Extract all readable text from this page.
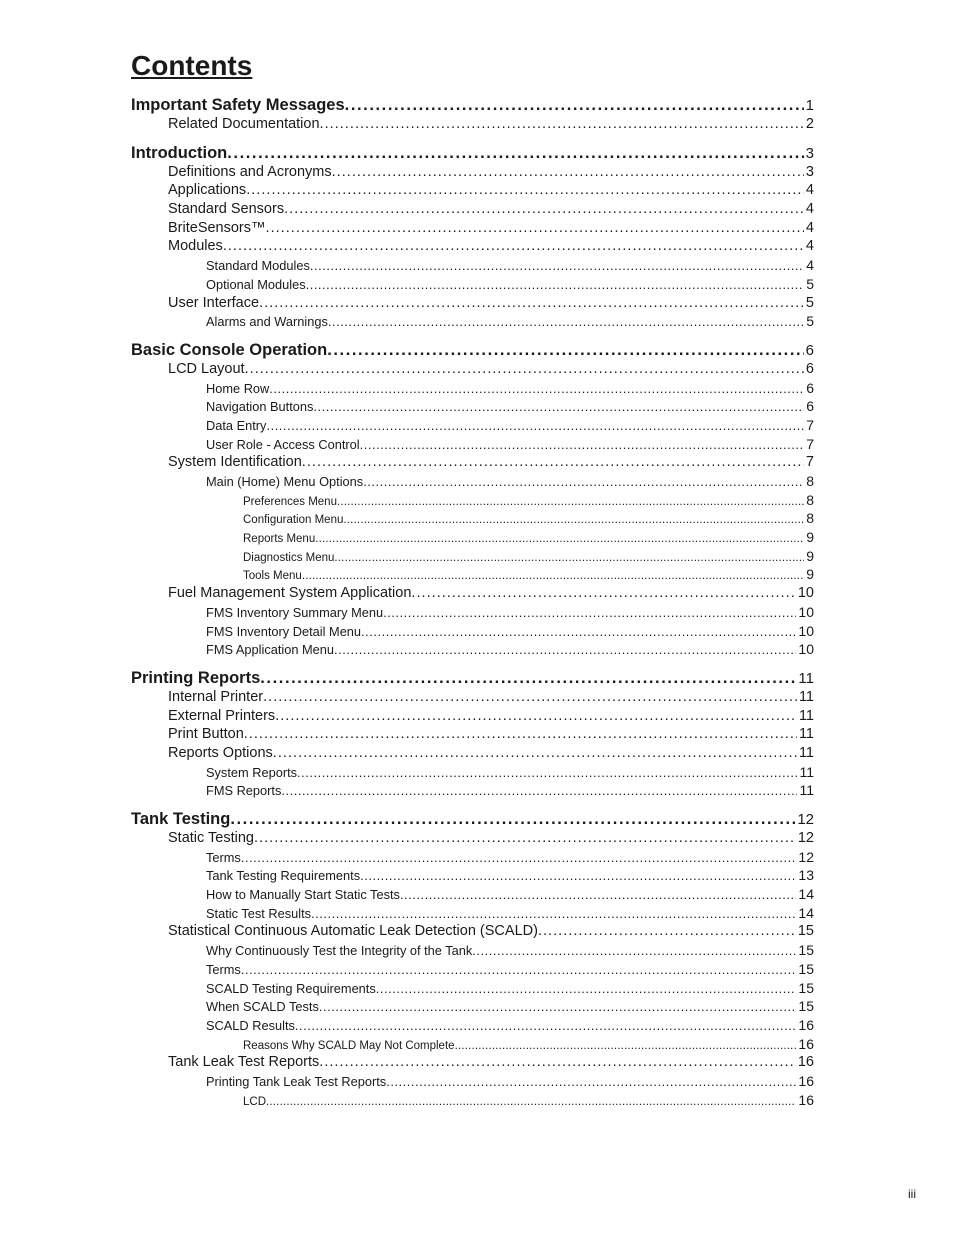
Contents
Important Safety Messages . . .	1
Related Documentation . . .	2
Introduction . . .	3
Definitions and Acronyms . . .	3
Applications . . .	4
Standard Sensors . . .	4
BriteSensors™ . . .	4
Modules . . .	4
Standard Modules . . .	4
Optional Modules . . .	5
User Interface . . .	5
Alarms and Warnings . . .	5
Basic Console Operation . . .	6
LCD Layout . . .	6
Home Row . . .	6
Navigation Buttons . . .	6
Data Entry . . .	7
User Role - Access Control . . .	7
System Identification . . .	7
Main (Home) Menu Options . . .	8
Preferences Menu . . .	8
Configuration Menu . . .	8
Reports Menu . . .	9
Diagnostics Menu . . .	9
Tools Menu . . .	9
Fuel Management System Application . . .	10
FMS Inventory Summary Menu . . .	10
FMS Inventory Detail Menu . . .	10
FMS Application Menu . . .	10
Printing Reports . . .	11
Internal Printer . . .	11
External Printers . . .	11
Print Button . . .	11
Reports Options . . .	11
System Reports . . .	11
FMS Reports . . .	11
Tank Testing . . .	12
Static Testing . . .	12
Terms . . .	12
Tank Testing Requirements . . .	13
How to Manually Start Static Tests . . .	14
Static Test Results . . .	14
Statistical Continuous Automatic Leak Detection (SCALD) . . .	15
Why Continuously Test the Integrity of the Tank . . .	15
Terms . . .	15
SCALD Testing Requirements . . .	15
When SCALD Tests . . .	15
SCALD Results . . .	16
Reasons Why SCALD May Not Complete . . .	16
Tank Leak Test Reports . . .	16
Printing Tank Leak Test Reports . . .	16
LCD . . .	16
iii
